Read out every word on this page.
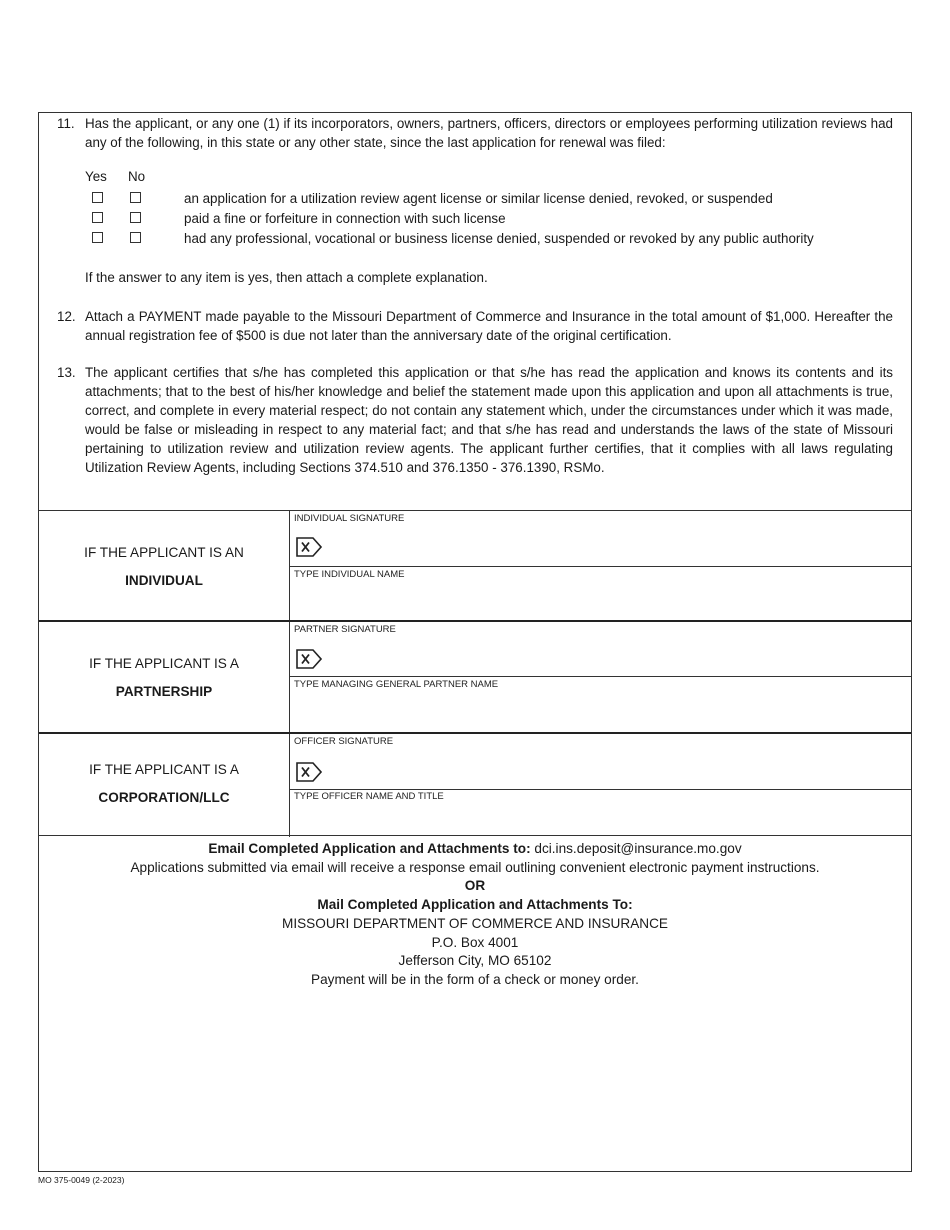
11. Has the applicant, or any one (1) if its incorporators, owners, partners, officers, directors or employees performing utilization reviews had any of the following, in this state or any other state, since the last application for renewal was filed:
Yes No
an application for a utilization review agent license or similar license denied, revoked, or suspended
paid a fine or forfeiture in connection with such license
had any professional, vocational or business license denied, suspended or revoked by any public authority
If the answer to any item is yes, then attach a complete explanation.
12. Attach a PAYMENT made payable to the Missouri Department of Commerce and Insurance in the total amount of $1,000. Hereafter the annual registration fee of $500 is due not later than the anniversary date of the original certification.
13. The applicant certifies that s/he has completed this application or that s/he has read the application and knows its contents and its attachments; that to the best of his/her knowledge and belief the statement made upon this application and upon all attachments is true, correct, and complete in every material respect; do not contain any statement which, under the circumstances under which it was made, would be false or misleading in respect to any material fact; and that s/he has read and understands the laws of the state of Missouri pertaining to utilization review and utilization review agents. The applicant further certifies, that it complies with all laws regulating Utilization Review Agents, including Sections 374.510 and 376.1350 - 376.1390, RSMo.
IF THE APPLICANT IS AN
INDIVIDUAL
INDIVIDUAL SIGNATURE
TYPE INDIVIDUAL NAME
IF THE APPLICANT IS A
PARTNERSHIP
PARTNER SIGNATURE
TYPE MANAGING GENERAL PARTNER NAME
IF THE APPLICANT IS A
CORPORATION/LLC
OFFICER SIGNATURE
TYPE OFFICER NAME AND TITLE
Email Completed Application and Attachments to: dci.ins.deposit@insurance.mo.gov
Applications submitted via email will receive a response email outlining convenient electronic payment instructions.
OR
Mail Completed Application and Attachments To:
MISSOURI DEPARTMENT OF COMMERCE AND INSURANCE
P.O. Box 4001
Jefferson City, MO 65102
Payment will be in the form of a check or money order.
MO 375-0049 (2-2023)
